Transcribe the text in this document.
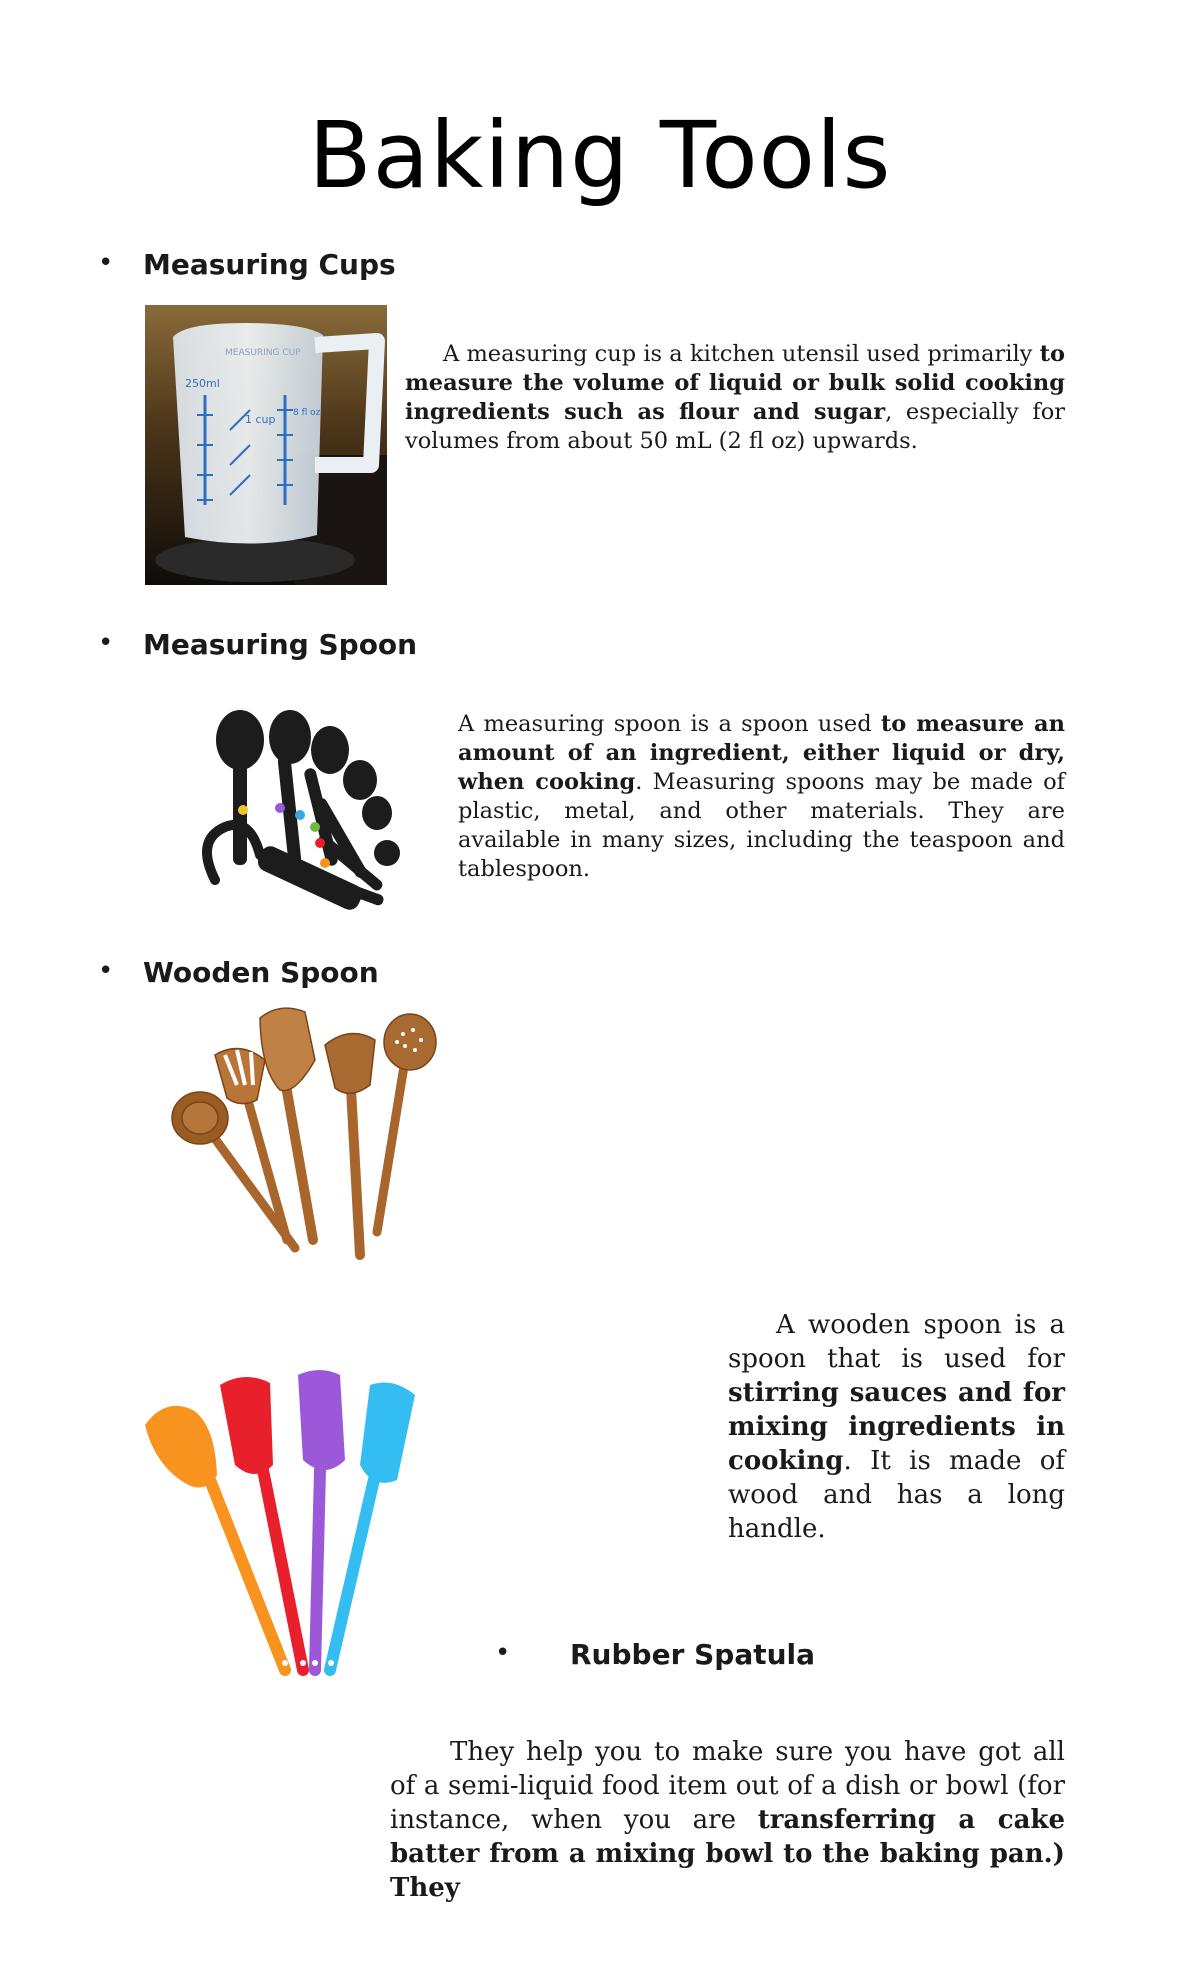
Baking Tools
• Measuring Cups
250ml
1 cup 8 fl oz
MEASURING CUP	A measuring cup is a kitchen utensil used primarily to measure the volume of liquid or bulk solid cooking ingredients such as flour and sugar, especially for volumes from about 50 mL (2 fl oz) upwards.
• Measuring Spoon
A measuring spoon is a spoon used to measure an amount of an ingredient, either liquid or dry, when cooking. Measuring spoons may be made of plastic, metal, and other materials. They are available in many sizes, including the teaspoon and tablespoon.
• Wooden Spoon
A wooden spoon is a spoon that is used for stirring sauces and for mixing ingredients in cooking. It is made of wood and has a long handle.
• Rubber Spatula
They help you to make sure you have got all of a semi-liquid food item out of a dish or bowl (for instance, when you are transferring a cake batter from a mixing bowl to the baking pan.) They
